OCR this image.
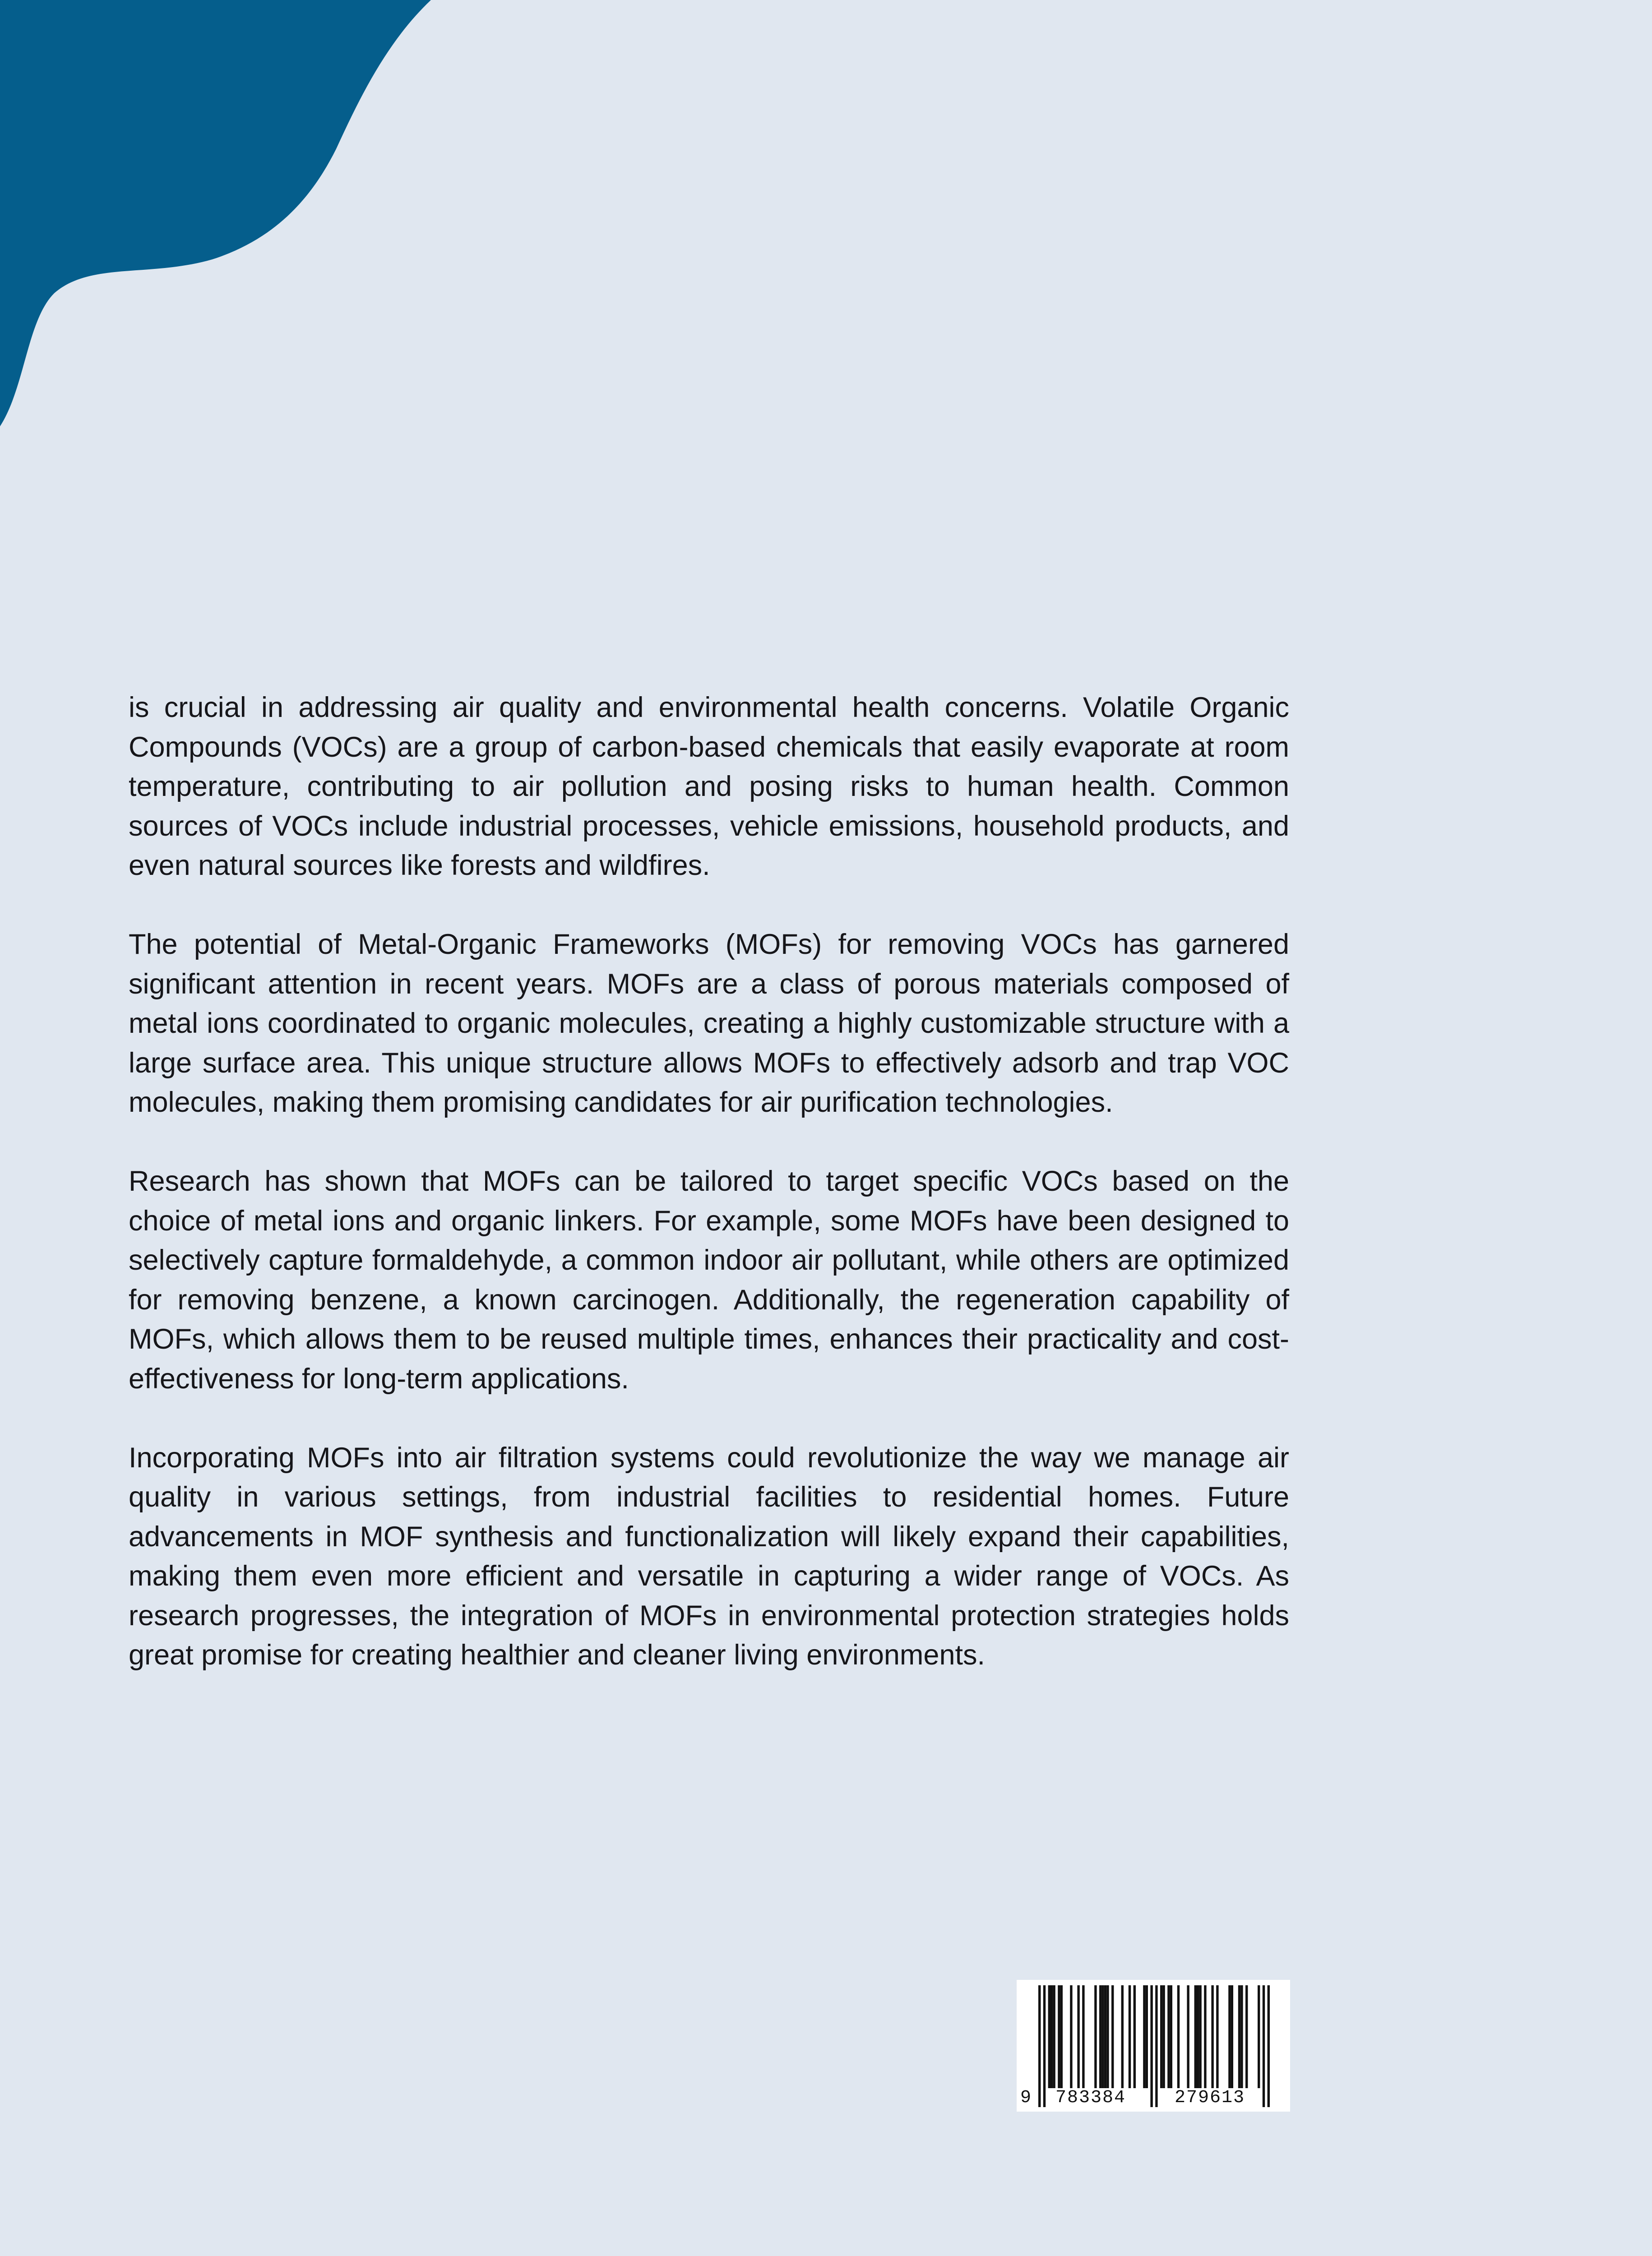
is crucial in addressing air quality and environmental health concerns. Volatile Organic Compounds (VOCs) are a group of carbon-based chemicals that easily evaporate at room temperature, contributing to air pollution and posing risks to human health. Common sources of VOCs include industrial processes, vehicle emissions, household products, and even natural sources like forests and wildfires.

The potential of Metal-Organic Frameworks (MOFs) for removing VOCs has garnered significant attention in recent years. MOFs are a class of porous materials composed of metal ions coordinated to organic molecules, creating a highly customizable structure with a large surface area. This unique structure allows MOFs to effectively adsorb and trap VOC molecules, making them promising candidates for air purification technologies.

Research has shown that MOFs can be tailored to target specific VOCs based on the choice of metal ions and organic linkers. For example, some MOFs have been designed to selectively capture formaldehyde, a common indoor air pollutant, while others are optimized for removing benzene, a known carcinogen. Additionally, the regeneration capability of MOFs, which allows them to be reused multiple times, enhances their practicality and cost-effectiveness for long-term applications.

Incorporating MOFs into air filtration systems could revolutionize the way we manage air quality in various settings, from industrial facilities to residential homes. Future advancements in MOF synthesis and functionalization will likely expand their capabilities, making them even more efficient and versatile in capturing a wider range of VOCs. As research progresses, the integration of MOFs in environmental protection strategies holds great promise for creating healthier and cleaner living environments.

9 783384	279613
